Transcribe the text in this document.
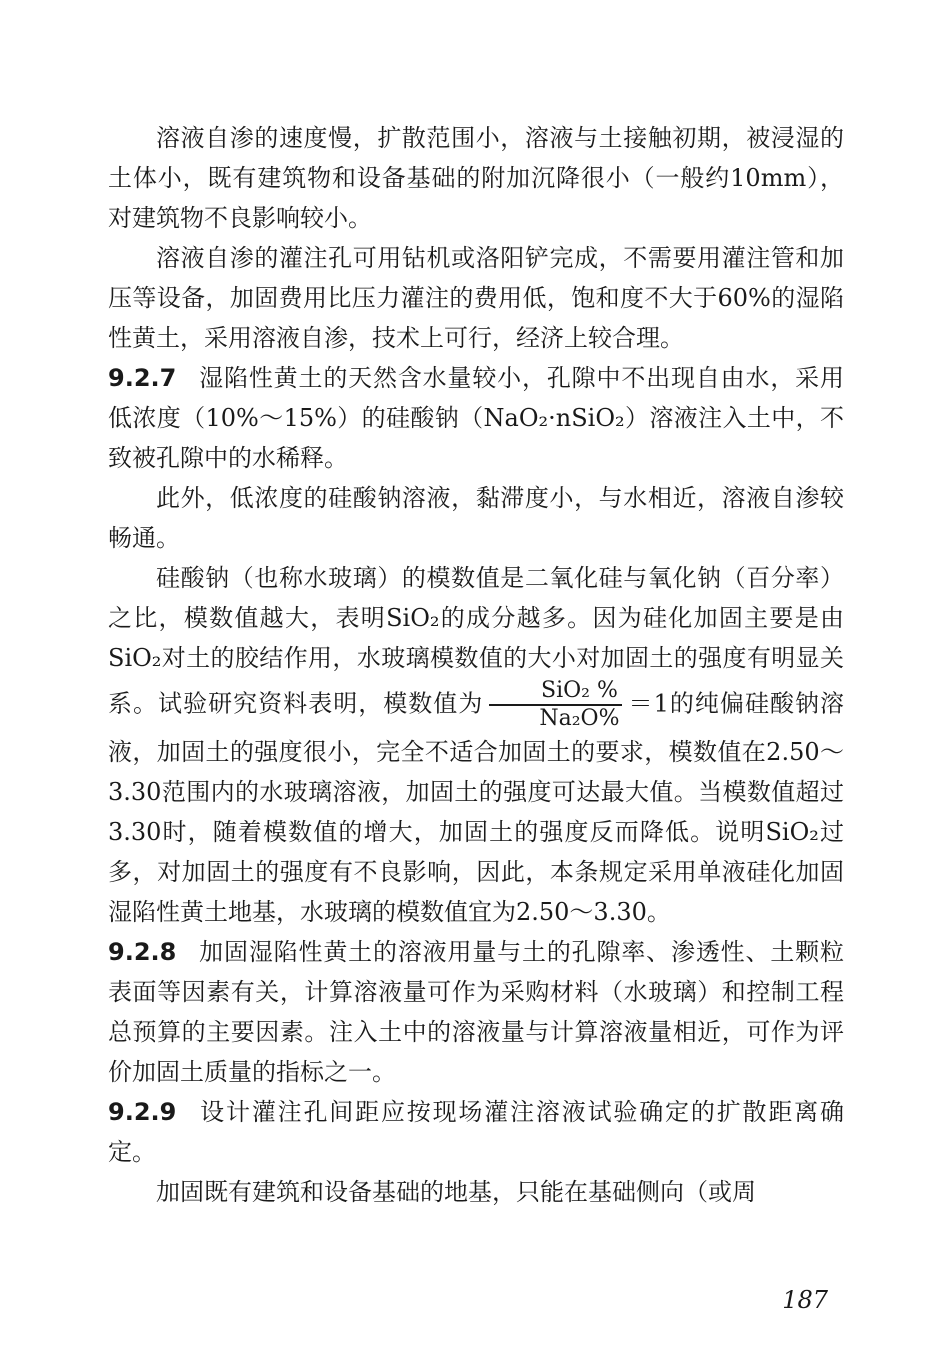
溶液自渗的速度慢，扩散范围小，溶液与土接触初期，被浸湿的土体小，既有建筑物和设备基础的附加沉降很小（一般约10mm），对建筑物不良影响较小。

溶液自渗的灌注孔可用钻机或洛阳铲完成，不需要用灌注管和加压等设备，加固费用比压力灌注的费用低，饱和度不大于60%的湿陷性黄土，采用溶液自渗，技术上可行，经济上较合理。

9.2.7 湿陷性黄土的天然含水量较小，孔隙中不出现自由水，采用低浓度（10%～15%）的硅酸钠（NaO₂·nSiO₂）溶液注入土中，不致被孔隙中的水稀释。

此外，低浓度的硅酸钠溶液，黏滞度小，与水相近，溶液自渗较畅通。

硅酸钠（也称水玻璃）的模数值是二氧化硅与氧化钠（百分率）之比，模数值越大，表明SiO₂的成分越多。因为硅化加固主要是由SiO₂对土的胶结作用，水玻璃模数值的大小对加固土的强度有明显关系。试验研究资料表明，模数值为 $\frac{\text{SiO₂ \%}}{\text{Na₂O\%}} =1$的纯偏硅酸钠溶液，加固土的强度很小，完全不适合加固土的要求，模数值在2.50～3.30范围内的水玻璃溶液，加固土的强度可达最大值。当模数值超过3.30时，随着模数值的增大，加固土的强度反而降低。说明SiO₂过多，对加固土的强度有不良影响，因此，本条规定采用单液硅化加固湿陷性黄土地基，水玻璃的模数值宜为2.50～3.30。

9.2.8 加固湿陷性黄土的溶液用量与土的孔隙率、渗透性、土颗粒表面等因素有关，计算溶液量可作为采购材料（水玻璃）和控制工程总预算的主要因素。注入土中的溶液量与计算溶液量相近，可作为评价加固土质量的指标之一。

9.2.9 设计灌注孔间距应按现场灌注溶液试验确定的扩散距离确定。

加固既有建筑和设备基础的地基，只能在基础侧向（或周

187
